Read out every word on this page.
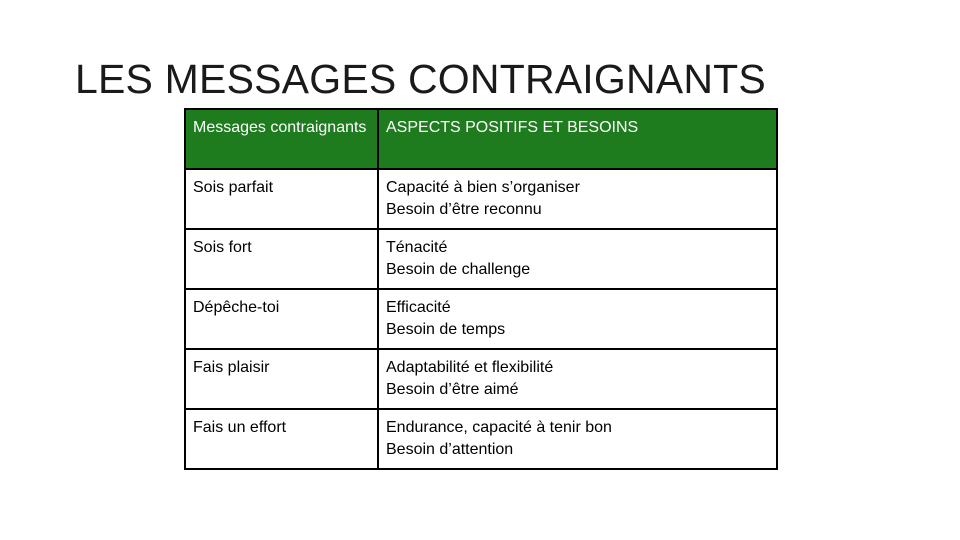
LES MESSAGES CONTRAIGNANTS
Messages contraignants	ASPECTS POSITIFS ET BESOINS
Sois parfait	Capacité à bien s’organiser
Besoin d’être reconnu

Sois fort	Ténacité
Besoin de challenge

Dépêche-toi	Efficacité
Besoin de temps

Fais plaisir	Adaptabilité et flexibilité
Besoin d’être aimé

Fais un effort	Endurance, capacité à tenir bon
Besoin d’attention
